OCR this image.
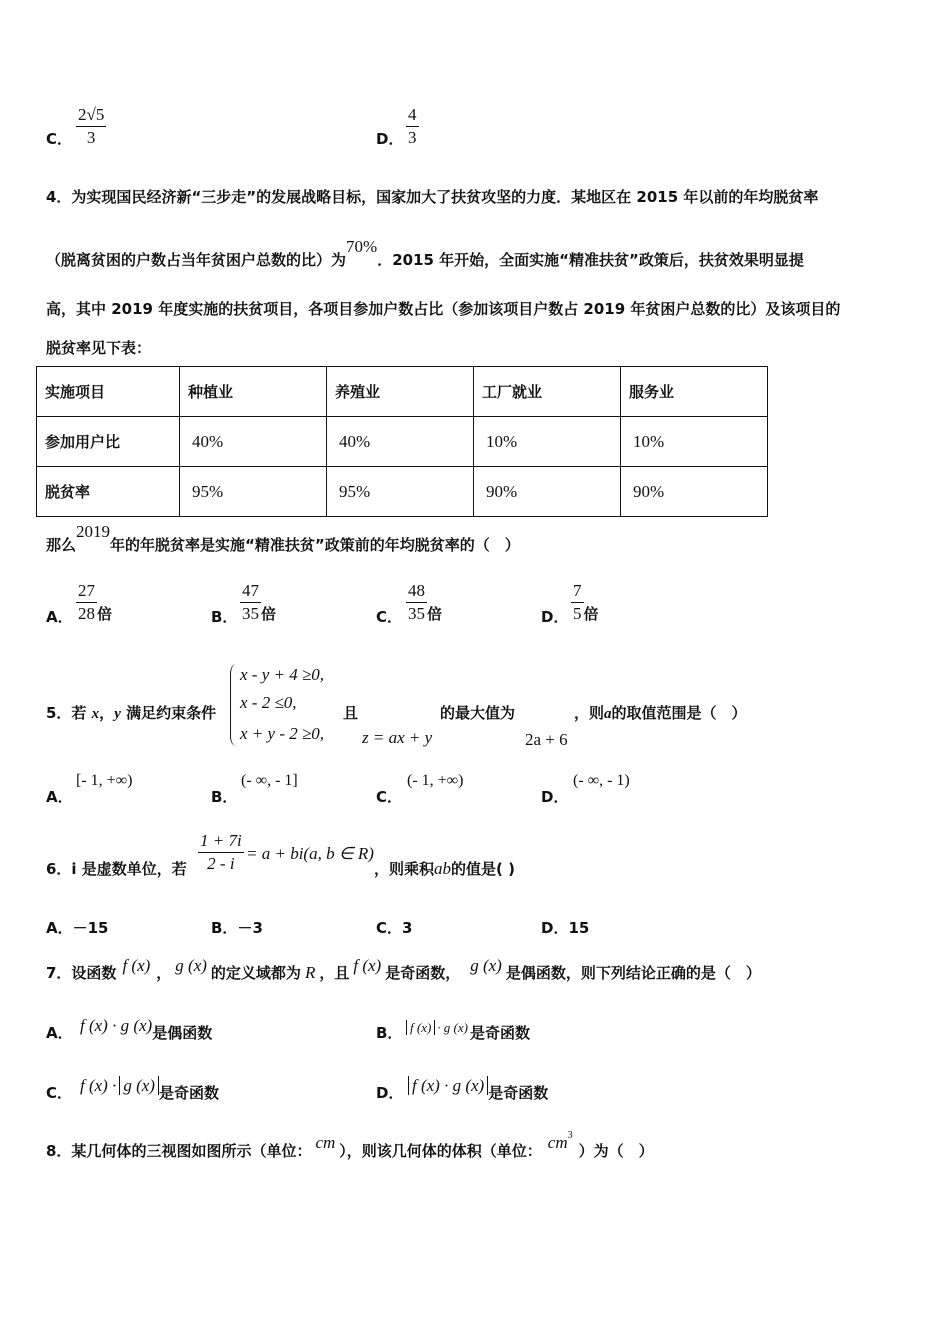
C． $\frac{2√5}{3}$	D． $\frac{4}{3}$
4．为实现国民经济新“三步走”的发展战略目标，国家加大了扶贫攻坚的力度．某地区在 2015 年以前的年均脱贫率
（脱离贫困的户数占当年贫困户总数的比）为70%．2015 年开始，全面实施“精准扶贫”政策后，扶贫效果明显提
高，其中 2019 年度实施的扶贫项目，各项目参加户数占比（参加该项目户数占 2019 年贫困户总数的比）及该项目的
脱贫率见下表：
实施项目	种植业	养殖业	工厂就业	服务业
参加用户比	40%	40%	10%	10%
脱贫率	95%	95%	90%	90%
那么2019年的年脱贫率是实施“精准扶贫”政策前的年均脱贫率的（　）
A． $\frac{27}{28}$ 倍	B． $\frac{47}{35}$ 倍	C． $\frac{48}{35}$ 倍	D． $\frac{7}{5}$ 倍
5．若 x，y 满足约束条件
x - y + 4 ≥0,
x - 2 ≤0,
x + y - 2 ≥0,
且
z = ax + y
的最大值为
2a + 6
，则a的取值范围是（　）
A．
[- 1, +∞)
B．
(- ∞, - 1]
C．
(- 1, +∞)
D．
(- ∞, - 1)
6．i 是虚数单位，若 $\frac{1 + 7i}{2 - i} = a + bi(a$, b ∈ R)
，则乘积ab的值是( )
A．－15	B．－3	C．3	D．15
7．设函数 f (x) ， g (x) 的定义域都为 R ，且 f (x) 是奇函数， g (x) 是偶函数，则下列结论正确的是（　）
A． f (x) · g (x)是偶函数	B． f (x) · g (x) 是奇函数
C． f (x) · g (x) 是奇函数	D． f (x) · g (x) 是奇函数
8．某几何体的三视图如图所示（单位： cm ），则该几何体的体积（单位： $cm^3$）为（　）
